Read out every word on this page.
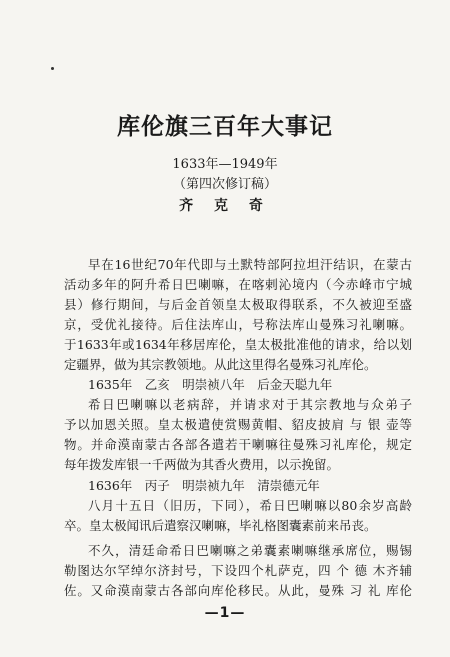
库伦旗三百年大事记
1633年—1949年
（第四次修订稿）
齐 克 奇
早在16世纪70年代即与土默特部阿拉坦汗结识，在蒙古
活动多年的阿升希日巴喇嘛，在喀剌沁境内（今赤峰市宁城
县）修行期间，与后金首领皇太极取得联系，不久被迎至盛
京，受优礼接待。后住法库山，号称法库山曼殊习礼喇嘛。
于1633年或1634年移居库伦，皇太极批准他的请求，给以划
定疆界，做为其宗教领地。从此这里得名曼殊习礼库伦。
1635年　乙亥　明崇祯八年　后金天聪九年
希日巴喇嘛以老病辞，并请求对于其宗教地与众弟子
予以加恩关照。皇太极遣使赏赐黄帽、貂皮披肩 与 银 壶等
物。并命漠南蒙古各部各遣若干喇嘛往曼殊习礼库伦，规定
每年拨发库银一千两做为其香火费用，以示挽留。
1636年　丙子　明崇祯九年　清崇德元年
八月十五日（旧历，下同），希日巴喇嘛以80余岁高龄
卒。皇太极闻讯后遣察汉喇嘛，毕礼格图囊素前来吊丧。
不久，清廷命希日巴喇嘛之弟囊素喇嘛继承席位，赐锡
勒图达尔罕绰尔济封号，下设四个札萨克，四 个 德 木齐辅
佐。又命漠南蒙古各部向库伦移民。从此，曼殊 习 礼 库伦
—1—
